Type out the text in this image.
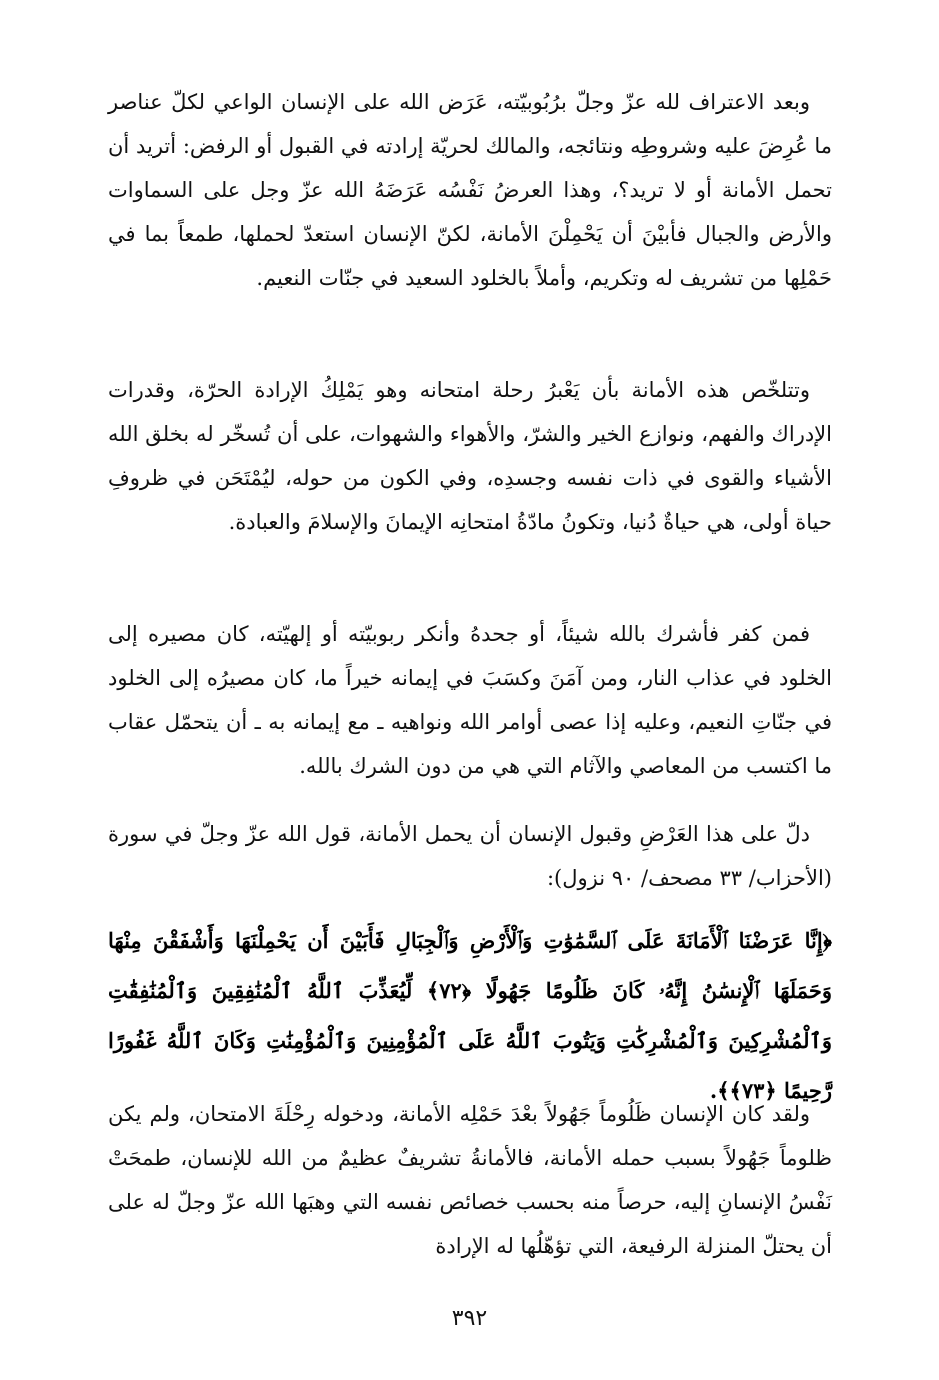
وبعد الاعتراف لله عزّ وجلّ برُبُوبيّته، عَرَض الله على الإنسان الواعي لكلّ عناصر ما عُرِضَ عليه وشروطِه ونتائجه، والمالك لحريّة إرادته في القبول أو الرفض: أتريد أن تحمل الأمانة أو لا تريد؟، وهذا العرضُ نَفْسُه عَرَضَهُ الله عزّ وجل على السماوات والأرض والجبال فأبيْنَ أن يَحْمِلْنَ الأمانة، لكنّ الإنسان استعدّ لحملها، طمعاً بما في حَمْلِها من تشريف له وتكريم، وأملاً بالخلود السعيد في جنّات النعيم.

وتتلخّص هذه الأمانة بأن يَعْبرُ رحلة امتحانه وهو يَمْلِكُ الإرادة الحرّة، وقدرات الإدراك والفهم، ونوازع الخير والشرّ، والأهواء والشهوات، على أن تُسخّر له بخلق الله الأشياء والقوى في ذات نفسه وجسدِه، وفي الكون من حوله، ليُمْتَحَن في ظروفِ حياة أولى، هي حياةٌ دُنيا، وتكونُ مادّةُ امتحانِه الإيمانَ والإسلامَ والعبادة.

فمن كفر فأشرك بالله شيئاً، أو جحدهُ وأنكر ربوبيّته أو إلهيّته، كان مصيره إلى الخلود في عذاب النار، ومن آمَنَ وكسَبَ في إيمانه خيراً ما، كان مصيرُه إلى الخلود في جنّاتِ النعيم، وعليه إذا عصى أوامر الله ونواهيه ـ مع إيمانه به ـ أن يتحمّل عقاب ما اكتسب من المعاصي والآثام التي هي من دون الشرك بالله.

دلّ على هذا العَرْضِ وقبول الإنسان أن يحمل الأمانة، قول الله عزّ وجلّ في سورة (الأحزاب/ ٣٣ مصحف/ ٩٠ نزول):

﴿إِنَّا عَرَضْنَا ٱلْأَمَانَةَ عَلَى ٱلسَّمَٰوَٰتِ وَٱلْأَرْضِ وَٱلْجِبَالِ فَأَبَيْنَ أَن يَحْمِلْنَهَا وَأَشْفَقْنَ مِنْهَا وَحَمَلَهَا ٱلْإِنسَٰنُ إِنَّهُۥ كَانَ ظَلُومًا جَهُولًا ﴿٧٢﴾ لِّيُعَذِّبَ ٱللَّهُ ٱلْمُنَٰفِقِينَ وَٱلْمُنَٰفِقَٰتِ وَٱلْمُشْرِكِينَ وَٱلْمُشْرِكَٰتِ وَيَتُوبَ ٱللَّهُ عَلَى ٱلْمُؤْمِنِينَ وَٱلْمُؤْمِنَٰتِ وَكَانَ ٱللَّهُ غَفُورًا رَّحِيمًا ﴿٧٣﴾﴾.

ولقد كان الإنسان ظَلُوماً جَهُولاً بعْدَ حَمْلِه الأمانة، ودخوله رِحْلَةَ الامتحان، ولم يكن ظلوماً جَهُولاً بسبب حمله الأمانة، فالأمانةُ تشريفٌ عظيمٌ من الله للإنسان، طمحَتْ نَفْسُ الإنسانِ إليه، حرصاً منه بحسب خصائص نفسه التي وهبَها الله عزّ وجلّ له على أن يحتلّ المنزلة الرفيعة، التي تؤهّلُها له الإرادة

٣٩٢
